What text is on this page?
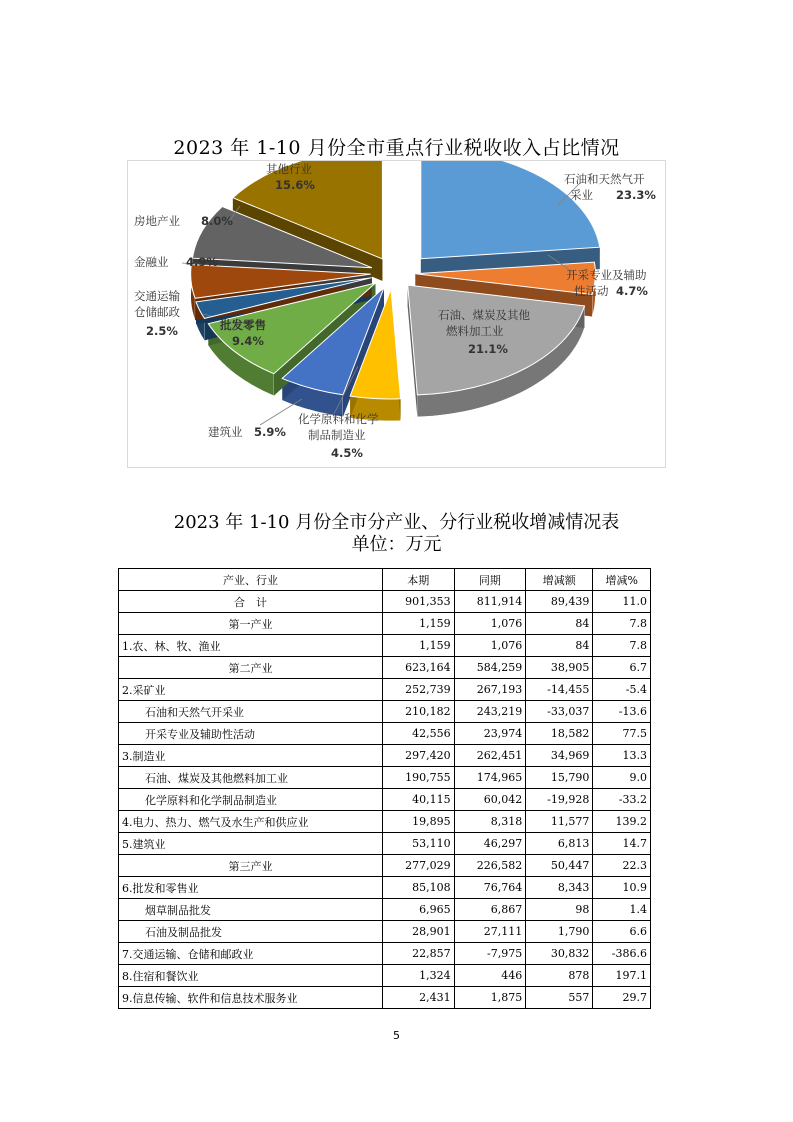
2023 年 1-10 月份全市重点行业税收收入占比情况
石油和天然气开
采业 23.3%
开采专业及辅助
性活动 4.7%
石油、煤炭及其他
燃料加工业
21.1%
化学原料和化学
制品制造业
4.5%
建筑业 5.9%
批发零售
9.4%
交通运输
仓储邮政
2.5%
金融业 4.9%
房地产业 8.0%
其他行业
15.6%
2023 年 1-10 月份全市分产业、分行业税收增减情况表
单位：万元
产业、行业	本期	同期	增减额	增减%
合　计	901,353	811,914	89,439	11.0
第一产业	1,159	1,076	84	7.8
1.农、林、牧、渔业	1,159	1,076	84	7.8
第二产业	623,164	584,259	38,905	6.7
2.采矿业	252,739	267,193	-14,455	-5.4
石油和天然气开采业	210,182	243,219	-33,037	-13.6
开采专业及辅助性活动	42,556	23,974	18,582	77.5
3.制造业	297,420	262,451	34,969	13.3
石油、煤炭及其他燃料加工业	190,755	174,965	15,790	9.0
化学原料和化学制品制造业	40,115	60,042	-19,928	-33.2
4.电力、热力、燃气及水生产和供应业	19,895	8,318	11,577	139.2
5.建筑业	53,110	46,297	6,813	14.7
第三产业	277,029	226,582	50,447	22.3
6.批发和零售业	85,108	76,764	8,343	10.9
烟草制品批发	6,965	6,867	98	1.4
石油及制品批发	28,901	27,111	1,790	6.6
7.交通运输、仓储和邮政业	22,857	-7,975	30,832	-386.6
8.住宿和餐饮业	1,324	446	878	197.1
9.信息传输、软件和信息技术服务业	2,431	1,875	557	29.7
5
